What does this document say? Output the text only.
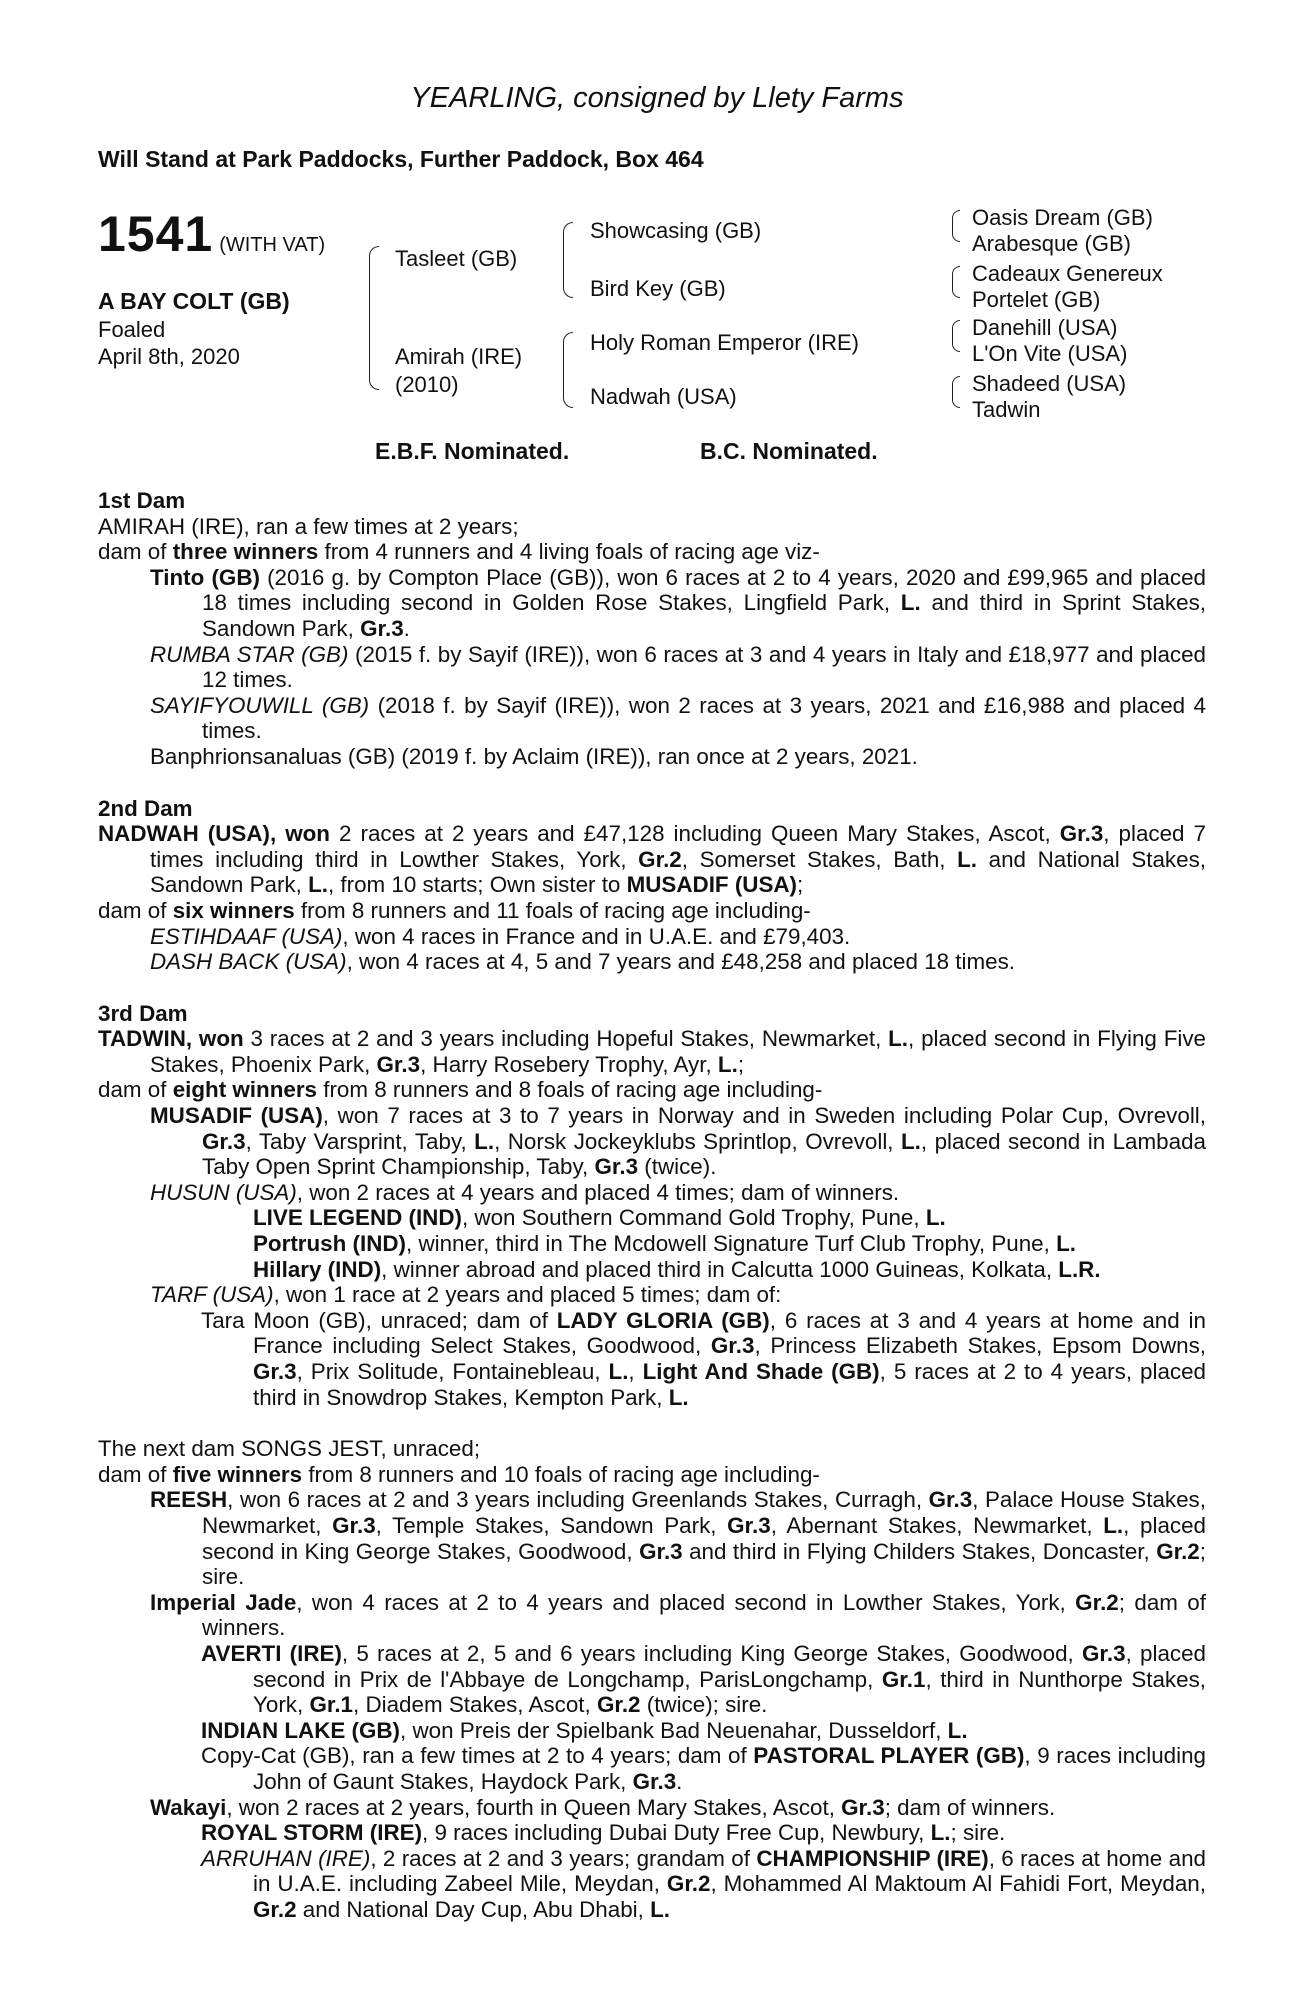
YEARLING, consigned by Llety Farms
Will Stand at Park Paddocks, Further Paddock, Box 464
1541 (WITH VAT)
A BAY COLT (GB)
Foaled
April 8th, 2020
Tasleet (GB)
Amirah (IRE)
(2010)
Showcasing (GB)
Bird Key (GB)
Holy Roman Emperor (IRE)
Nadwah (USA)
Oasis Dream (GB)
Arabesque (GB)
Cadeaux Genereux
Portelet (GB)
Danehill (USA)
L'On Vite (USA)
Shadeed (USA)
Tadwin
E.B.F. Nominated.	B.C. Nominated.
1st Dam
AMIRAH (IRE), ran a few times at 2 years;
dam of three winners from 4 runners and 4 living foals of racing age viz-
Tinto (GB) (2016 g. by Compton Place (GB)), won 6 races at 2 to 4 years, 2020 and £99,965 and placed 18 times including second in Golden Rose Stakes, Lingfield Park, L. and third in Sprint Stakes, Sandown Park, Gr.3.
RUMBA STAR (GB) (2015 f. by Sayif (IRE)), won 6 races at 3 and 4 years in Italy and £18,977 and placed 12 times.
SAYIFYOUWILL (GB) (2018 f. by Sayif (IRE)), won 2 races at 3 years, 2021 and £16,988 and placed 4 times.
Banphrionsanaluas (GB) (2019 f. by Aclaim (IRE)), ran once at 2 years, 2021.
2nd Dam
NADWAH (USA), won 2 races at 2 years and £47,128 including Queen Mary Stakes, Ascot, Gr.3, placed 7 times including third in Lowther Stakes, York, Gr.2, Somerset Stakes, Bath, L. and National Stakes, Sandown Park, L., from 10 starts; Own sister to MUSADIF (USA);
dam of six winners from 8 runners and 11 foals of racing age including-
ESTIHDAAF (USA), won 4 races in France and in U.A.E. and £79,403.
DASH BACK (USA), won 4 races at 4, 5 and 7 years and £48,258 and placed 18 times.
3rd Dam
TADWIN, won 3 races at 2 and 3 years including Hopeful Stakes, Newmarket, L., placed second in Flying Five Stakes, Phoenix Park, Gr.3, Harry Rosebery Trophy, Ayr, L.;
dam of eight winners from 8 runners and 8 foals of racing age including-
MUSADIF (USA), won 7 races at 3 to 7 years in Norway and in Sweden including Polar Cup, Ovrevoll, Gr.3, Taby Varsprint, Taby, L., Norsk Jockeyklubs Sprintlop, Ovrevoll, L., placed second in Lambada Taby Open Sprint Championship, Taby, Gr.3 (twice).
HUSUN (USA), won 2 races at 4 years and placed 4 times; dam of winners.
LIVE LEGEND (IND), won Southern Command Gold Trophy, Pune, L.
Portrush (IND), winner, third in The Mcdowell Signature Turf Club Trophy, Pune, L.
Hillary (IND), winner abroad and placed third in Calcutta 1000 Guineas, Kolkata, L.R.
TARF (USA), won 1 race at 2 years and placed 5 times; dam of:
Tara Moon (GB), unraced; dam of LADY GLORIA (GB), 6 races at 3 and 4 years at home and in France including Select Stakes, Goodwood, Gr.3, Princess Elizabeth Stakes, Epsom Downs, Gr.3, Prix Solitude, Fontainebleau, L., Light And Shade (GB), 5 races at 2 to 4 years, placed third in Snowdrop Stakes, Kempton Park, L.
The next dam SONGS JEST, unraced;
dam of five winners from 8 runners and 10 foals of racing age including-
REESH, won 6 races at 2 and 3 years including Greenlands Stakes, Curragh, Gr.3, Palace House Stakes, Newmarket, Gr.3, Temple Stakes, Sandown Park, Gr.3, Abernant Stakes, Newmarket, L., placed second in King George Stakes, Goodwood, Gr.3 and third in Flying Childers Stakes, Doncaster, Gr.2; sire.
Imperial Jade, won 4 races at 2 to 4 years and placed second in Lowther Stakes, York, Gr.2; dam of winners.
AVERTI (IRE), 5 races at 2, 5 and 6 years including King George Stakes, Goodwood, Gr.3, placed second in Prix de l'Abbaye de Longchamp, ParisLongchamp, Gr.1, third in Nunthorpe Stakes, York, Gr.1, Diadem Stakes, Ascot, Gr.2 (twice); sire.
INDIAN LAKE (GB), won Preis der Spielbank Bad Neuenahar, Dusseldorf, L.
Copy-Cat (GB), ran a few times at 2 to 4 years; dam of PASTORAL PLAYER (GB), 9 races including John of Gaunt Stakes, Haydock Park, Gr.3.
Wakayi, won 2 races at 2 years, fourth in Queen Mary Stakes, Ascot, Gr.3; dam of winners.
ROYAL STORM (IRE), 9 races including Dubai Duty Free Cup, Newbury, L.; sire.
ARRUHAN (IRE), 2 races at 2 and 3 years; grandam of CHAMPIONSHIP (IRE), 6 races at home and in U.A.E. including Zabeel Mile, Meydan, Gr.2, Mohammed Al Maktoum Al Fahidi Fort, Meydan, Gr.2 and National Day Cup, Abu Dhabi, L.
